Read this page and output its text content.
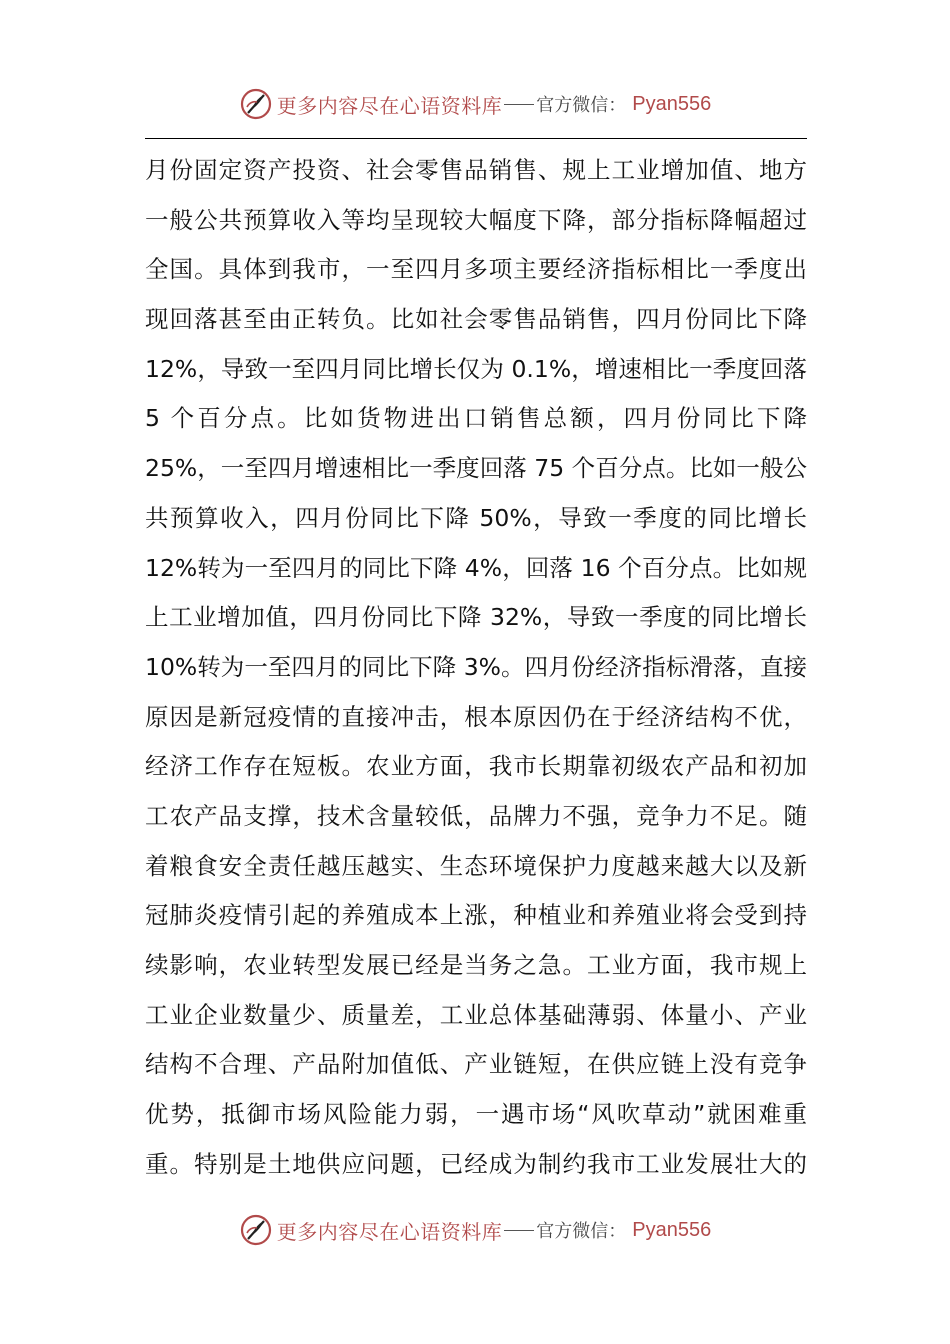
更多内容尽在心语资料库 官方微信 ： Pyan556
月份固定资产投资、社会零售品销售、规上工业增加值、地方
一般公共预算收入等均呈现较大幅度下降，部分指标降幅超过
全国。具体到我市，一至四月多项主要经济指标相比一季度出
现回落甚至由正转负。比如社会零售品销售，四月份同比下降
12%，导致一至四月同比增长仅为 0.1%，增速相比一季度回落
5 个百分点。比如货物进出口销售总额，四月份同比下降
25%，一至四月增速相比一季度回落 75 个百分点。比如一般公
共预算收入，四月份同比下降 50%，导致一季度的同比增长
12%转为一至四月的同比下降 4%，回落 16 个百分点。比如规
上工业增加值，四月份同比下降 32%，导致一季度的同比增长
10%转为一至四月的同比下降 3%。四月份经济指标滑落，直接
原因是新冠疫情的直接冲击，根本原因仍在于经济结构不优，
经济工作存在短板。农业方面，我市长期靠初级农产品和初加
工农产品支撑，技术含量较低，品牌力不强，竞争力不足。随
着粮食安全责任越压越实、生态环境保护力度越来越大以及新
冠肺炎疫情引起的养殖成本上涨，种植业和养殖业将会受到持
续影响，农业转型发展已经是当务之急。工业方面，我市规上
工业企业数量少、质量差，工业总体基础薄弱、体量小、产业
结构不合理、产品附加值低、产业链短，在供应链上没有竞争
优势，抵御市场风险能力弱，一遇市场“风吹草动”就困难重
重。特别是土地供应问题，已经成为制约我市工业发展壮大的
更多内容尽在心语资料库 官方微信 ： Pyan556
